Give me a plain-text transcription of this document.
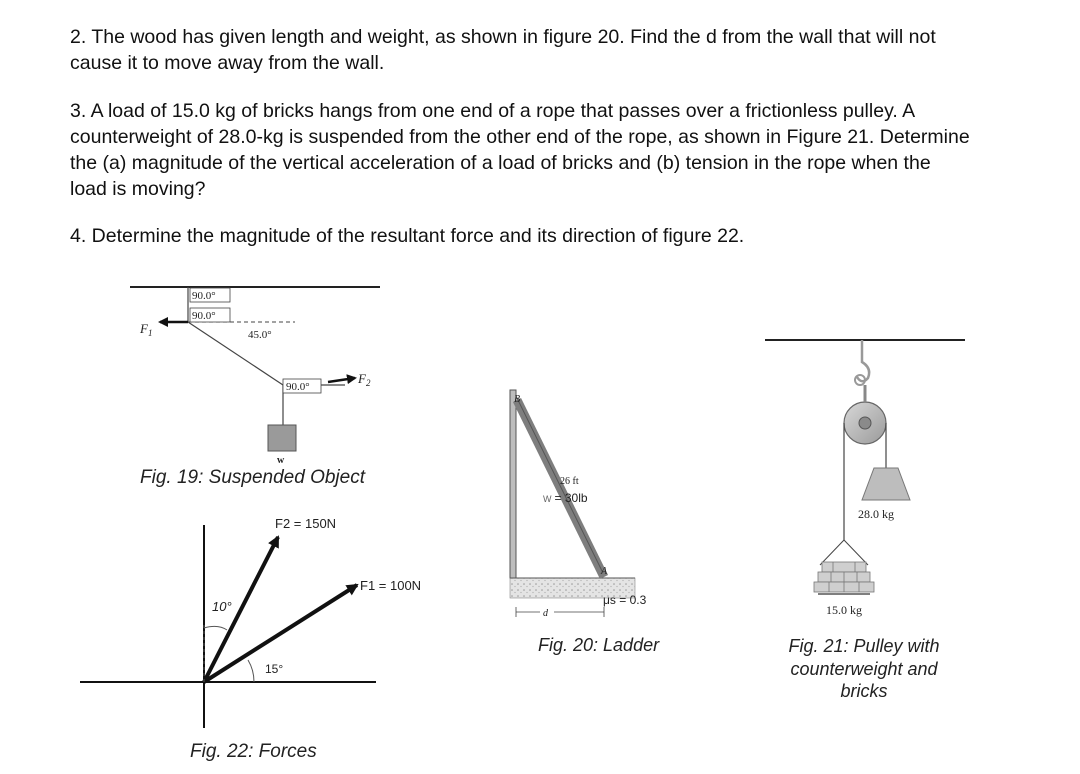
2. The wood has given length and weight, as shown in figure 20. Find the d from the wall that will not cause it to move away from the wall.

3. A load of 15.0 kg of bricks hangs from one end of a rope that passes over a frictionless pulley. A counterweight of 28.0-kg is suspended from the other end of the rope, as shown in Figure 21. Determine the (a) magnitude of the vertical acceleration of a load of bricks and (b) tension in the rope when the load is moving?

4. Determine the magnitude of the resultant force and its direction of figure 22.

90.0°
90.0°
45.0°
90.0°
$F_1$
$F_2$
w
Fig. 19: Suspended Object
F2 = 150N
F1 = 100N
10°
15°
Fig. 22: Forces
B
A
26 ft
W = 30lb
μs = 0.3
d
Fig. 20: Ladder
28.0 kg
15.0 kg
Fig. 21: Pulley with
counterweight and
bricks
